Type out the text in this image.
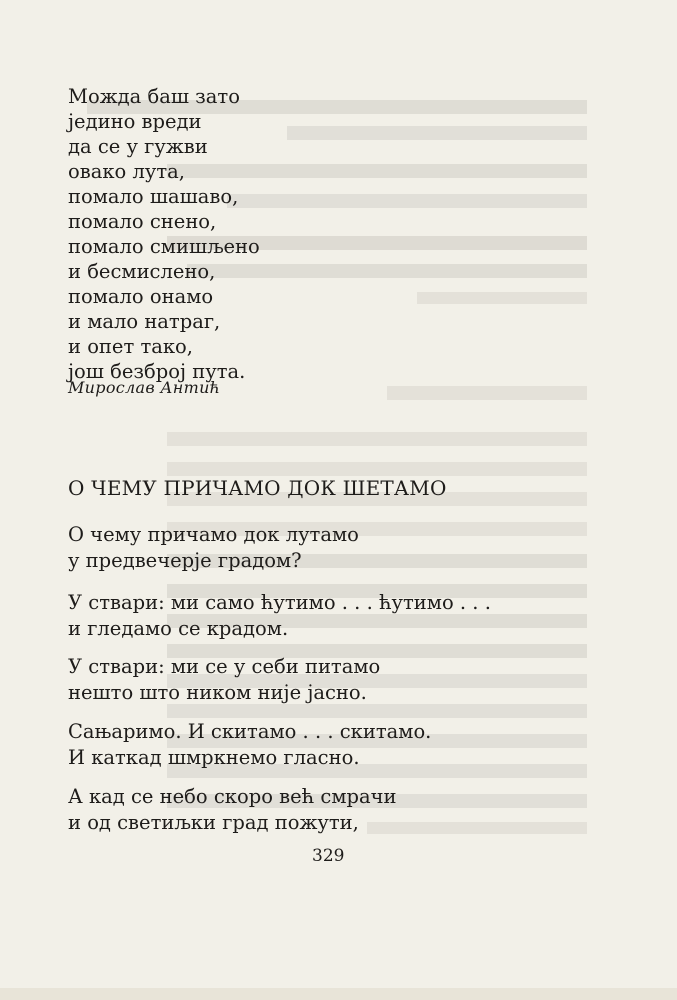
Можда баш зато
једино вреди
да се у гужви
овако лута,
помало шашаво,
помало снено,
помало смишљено
и бесмислено,
помало онамо
и мало натраг,
и опет тако,
још безброј пута.
Мирослав Антић
О ЧЕМУ ПРИЧАМО ДОК ШЕТАМО
О чему причамо док лутамо
у предвечерје градом?
У ствари: ми само ћутимо . . . ћутимо . . .
и гледамо се крадом.
У ствари: ми се у себи питамо
нешто што ником није јасно.
Сањаримо. И скитамо . . . скитамо.
И каткад шмркнемо гласно.
А кад се небо скоро већ смрачи
и од светиљки град пожути,
329
